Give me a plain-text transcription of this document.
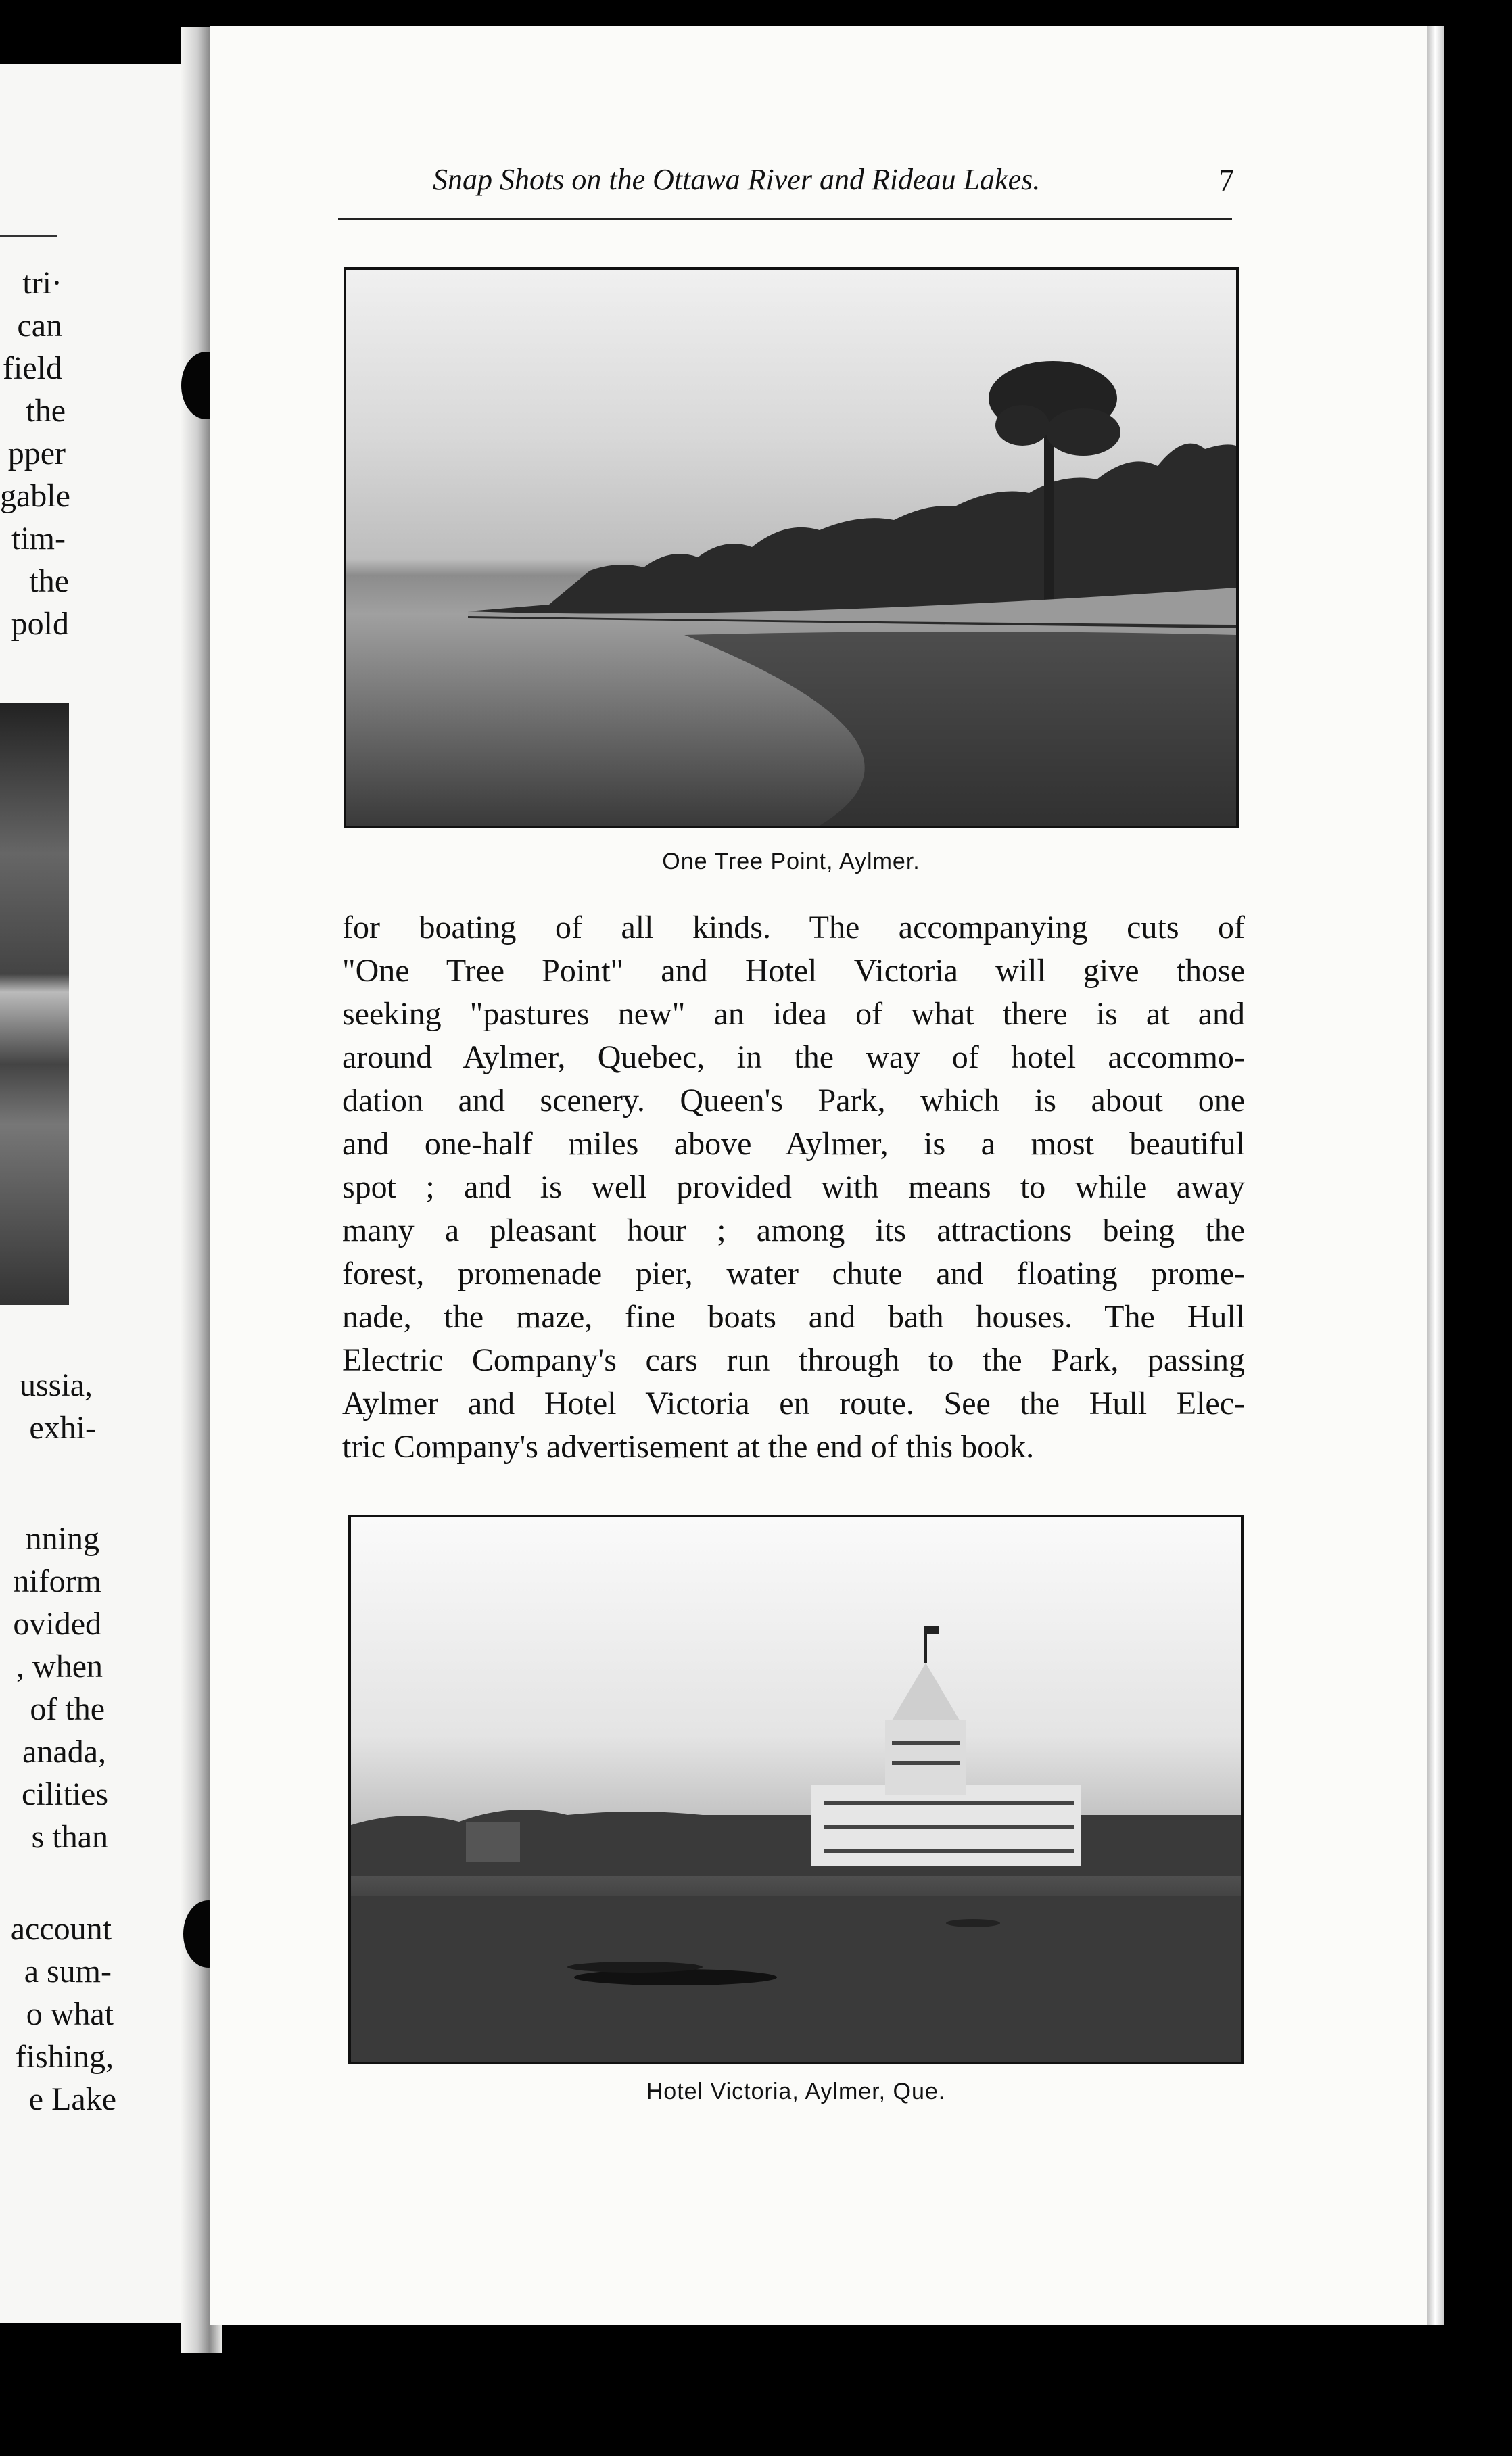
tri·
can
field
the
pper
gable
tim-
the
pold
ussia,
exhi-
nning
niform
ovided
, when
of the
anada,
cilities
s than
account
a sum-
o what
fishing,
e Lake
Snap Shots on the Ottawa River and Rideau Lakes.	7
One Tree Point, Aylmer.
for boating of all kinds. The accompanying cuts of
"One Tree Point" and Hotel Victoria will give those
seeking "pastures new" an idea of what there is at and
around Aylmer, Quebec, in the way of hotel accommo-
dation and scenery. Queen's Park, which is about one
and one-half miles above Aylmer, is a most beautiful
spot ; and is well provided with means to while away
many a pleasant hour ; among its attractions being the
forest, promenade pier, water chute and floating prome-
nade, the maze, fine boats and bath houses. The Hull
Electric Company's cars run through to the Park, passing
Aylmer and Hotel Victoria en route. See the Hull Elec-
tric Company's advertisement at the end of this book.
Hotel Victoria, Aylmer, Que.
